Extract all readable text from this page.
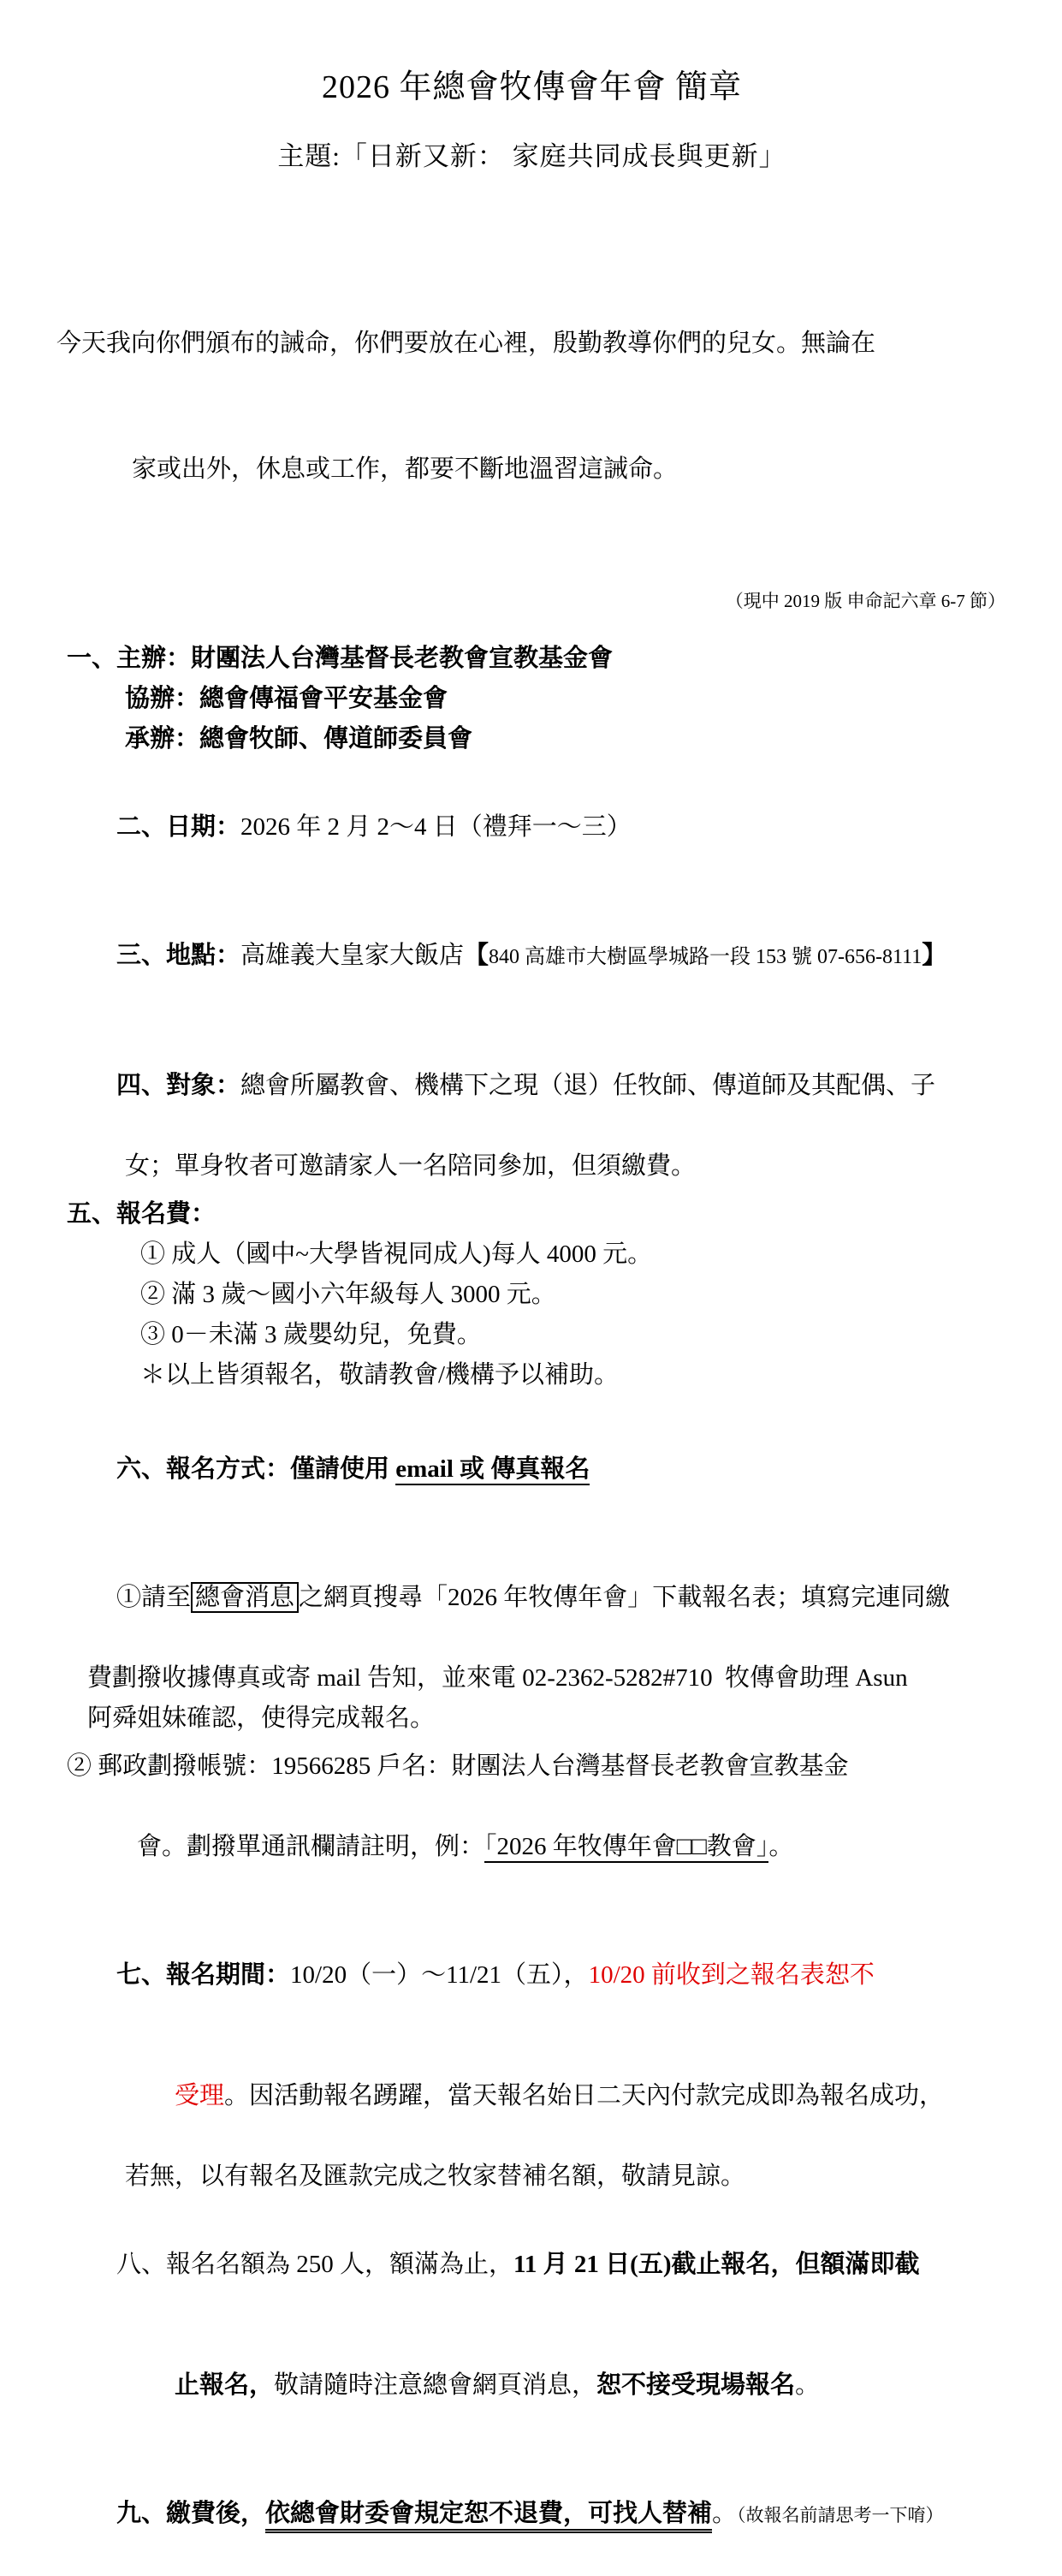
2026 年總會牧傳會年會 簡章
主題:「日新又新： 家庭共同成長與更新」

今天我向你們頒布的誡命，你們要放在心裡，殷勤教導你們的兒女。無論在

家或出外，休息或工作，都要不斷地溫習這誡命。

（現中 2019 版 申命記六章 6-7 節）
一、主辦：財團法人台灣基督長老教會宣教基金會
協辦：總會傳福會平安基金會
承辦：總會牧師、傳道師委員會

二、日期：2026 年 2 月 2～4 日（禮拜一～三）

三、地點：高雄義大皇家大飯店【840 高雄市大樹區學城路一段 153 號 07-656-8111】

四、對象：總會所屬教會、機構下之現（退）任牧師、傳道師及其配偶、子

女；單身牧者可邀請家人一名陪同參加，但須繳費。
五、報名費：
① 成人（國中~大學皆視同成人)每人 4000 元。
② 滿 3 歲～國小六年級每人 3000 元。
③ 0－未滿 3 歲嬰幼兒，免費。
＊以上皆須報名，敬請教會/機構予以補助。

六、報名方式：僅請使用 email 或 傳真報名

①請至 總會消息 之網頁搜尋「2026 年牧傳年會」下載報名表；填寫完連同繳

費劃撥收據傳真或寄 mail 告知，並來電 02-2362-5282#710  牧傳會助理 Asun
阿舜姐妹確認，使得完成報名。
② 郵政劃撥帳號：19566285 戶名：財團法人台灣基督長老教會宣教基金

會。劃撥單通訊欄請註明，例：「2026 年牧傳年會□□教會」。

七、報名期間：10/20（一）～11/21（五），10/20 前收到之報名表恕不

受理。因活動報名踴躍，當天報名始日二天內付款完成即為報名成功，

若無，以有報名及匯款完成之牧家替補名額，敬請見諒。

八、報名名額為 250 人，額滿為止，11 月 21 日(五)截止報名，但額滿即截

止報名，敬請隨時注意總會網頁消息，恕不接受現場報名。

九、繳費後，依總會財委會規定恕不退費，可找人替補。（故報名前請思考一下唷）
